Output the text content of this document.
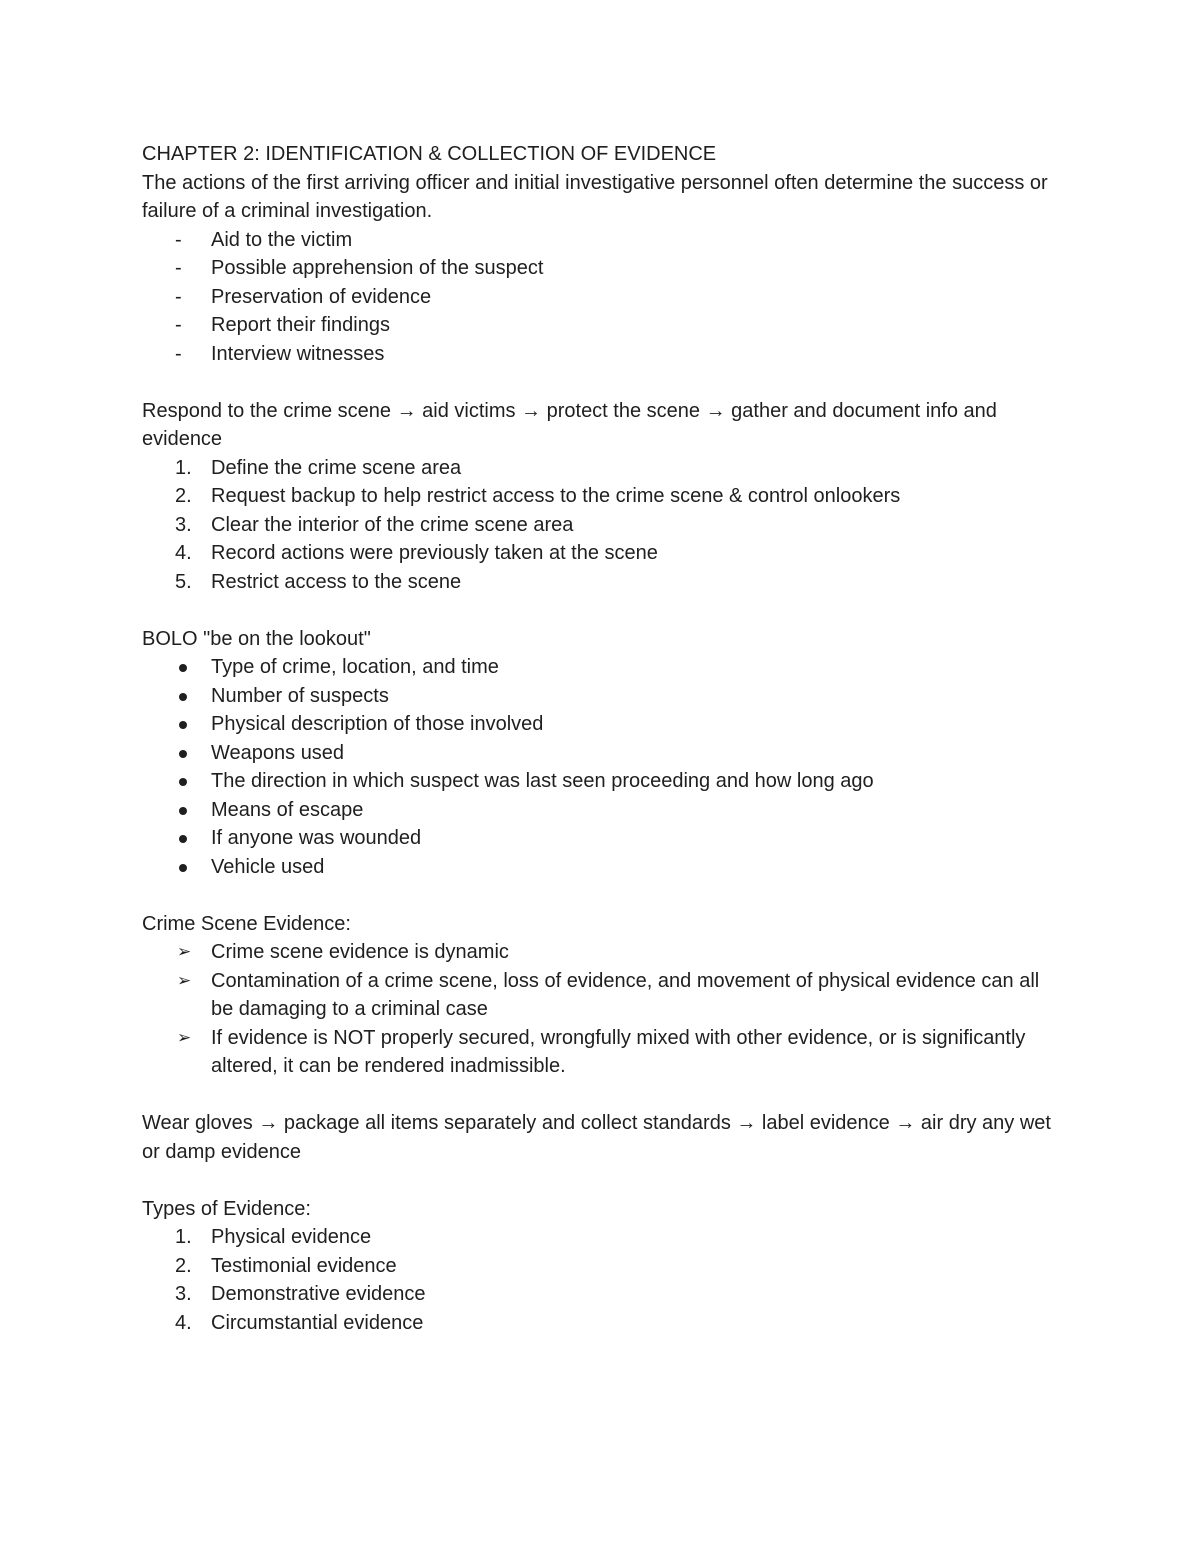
CHAPTER 2: IDENTIFICATION & COLLECTION OF EVIDENCE

The actions of the first arriving officer and initial investigative personnel often determine the success or failure of a criminal investigation.

-	Aid to the victim
-	Possible apprehension of the suspect
-	Preservation of evidence
-	Report their findings
-	Interview witnesses

Respond to the crime scene → aid victims → protect the scene → gather and document info and evidence

1. Define the crime scene area
2. Request backup to help restrict access to the crime scene & control onlookers
3. Clear the interior of the crime scene area
4. Record actions were previously taken at the scene
5. Restrict access to the scene

BOLO "be on the lookout"

Type of crime, location, and time
Number of suspects
Physical description of those involved
Weapons used
The direction in which suspect was last seen proceeding and how long ago
Means of escape
If anyone was wounded
Vehicle used

Crime Scene Evidence:

➢ Crime scene evidence is dynamic
➢ Contamination of a crime scene, loss of evidence, and movement of physical evidence can all be damaging to a criminal case
➢ If evidence is NOT properly secured, wrongfully mixed with other evidence, or is significantly altered, it can be rendered inadmissible.

Wear gloves → package all items separately and collect standards → label evidence → air dry any wet or damp evidence

Types of Evidence:

1. Physical evidence
2. Testimonial evidence
3. Demonstrative evidence
4. Circumstantial evidence
